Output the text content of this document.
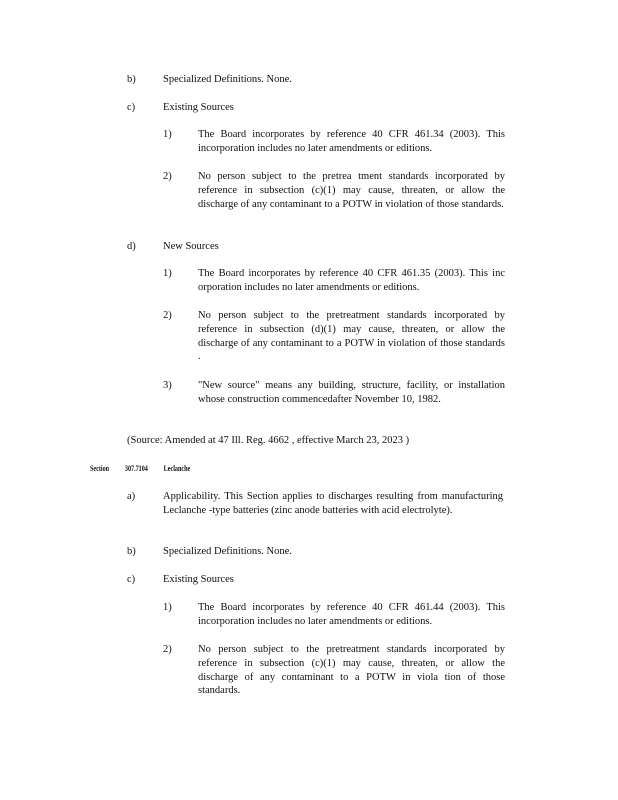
b)	Specialized Definitions. None.
c)	Existing Sources
1)	The Board incorporates by reference 40 CFR 461.34 (2003). This incorporation includes no later amendments or editions.
2)	No person subject to the pretrea tment standards incorporated by reference in subsection (c)(1) may cause, threaten, or allow the discharge of any contaminant to a POTW in violation of those standards.
d)	New Sources
1)	The Board incorporates by reference 40 CFR 461.35 (2003). This inc orporation includes no later amendments or editions.
2)	No person subject to the pretreatment standards incorporated by reference in subsection (d)(1) may cause, threaten, or allow the discharge of any contaminant to a POTW in violation of those standards .
3)	"New source" means any building, structure, facility, or installation whose construction commencedafter November 10, 1982.
(Source: Amended at 47 Ill. Reg. 4662 , effective March 23, 2023 )
Section 307.7104 Leclanche
a)	Applicability. This Section applies to discharges resulting from manufacturing Leclanche -type batteries (zinc anode batteries with acid electrolyte).
b)	Specialized Definitions. None.
c)	Existing Sources
1)	The Board incorporates by reference 40 CFR 461.44 (2003). This incorporation includes no later amendments or editions.
2)	No person subject to the pretreatment standards incorporated by reference in subsection (c)(1) may cause, threaten, or allow the discharge of any contaminant to a POTW in viola tion of those standards.
